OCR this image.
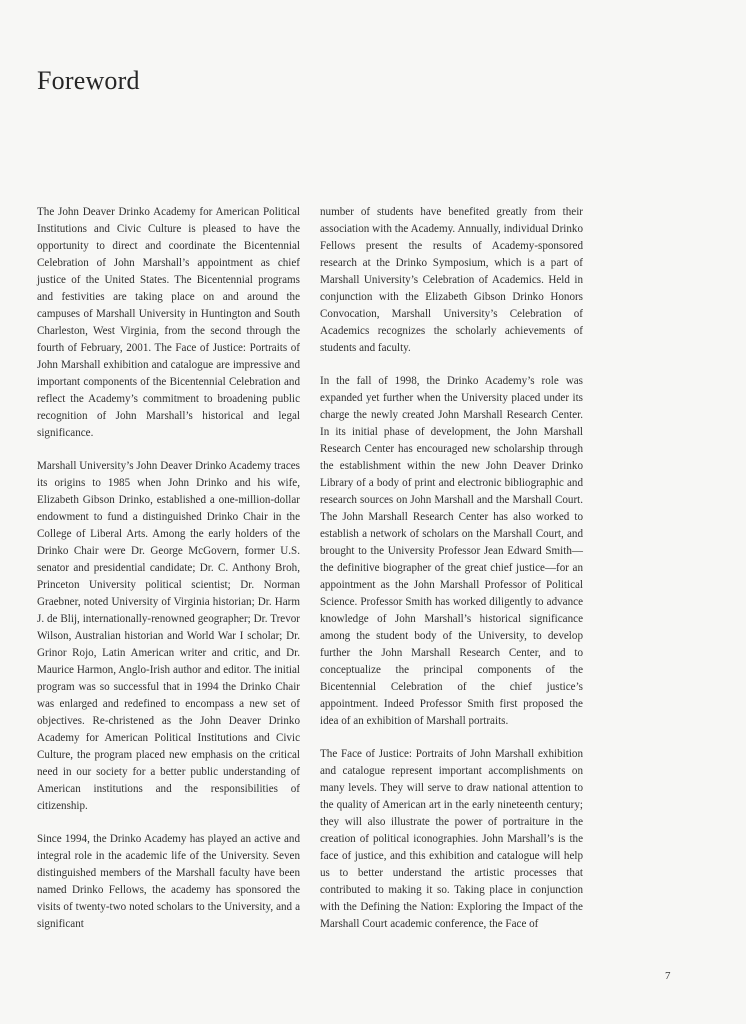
Foreword

The John Deaver Drinko Academy for American Political Institutions and Civic Culture is pleased to have the opportunity to direct and coordinate the Bicentennial Celebration of John Marshall’s appointment as chief justice of the United States. The Bicentennial programs and festivities are taking place on and around the campuses of Marshall University in Huntington and South Charleston, West Virginia, from the second through the fourth of February, 2001. The Face of Justice: Portraits of John Marshall exhibition and catalogue are impressive and important components of the Bicentennial Celebration and reflect the Academy’s commitment to broadening public recognition of John Marshall’s historical and legal significance.

Marshall University’s John Deaver Drinko Academy traces its origins to 1985 when John Drinko and his wife, Elizabeth Gibson Drinko, established a one-million-dollar endowment to fund a distinguished Drinko Chair in the College of Liberal Arts. Among the early holders of the Drinko Chair were Dr. George McGovern, former U.S. senator and presidential candidate; Dr. C. Anthony Broh, Princeton University political scientist; Dr. Norman Graebner, noted University of Virginia historian; Dr. Harm J. de Blij, internationally-renowned geographer; Dr. Trevor Wilson, Australian historian and World War I scholar; Dr. Grinor Rojo, Latin American writer and critic, and Dr. Maurice Harmon, Anglo-Irish author and editor. The initial program was so successful that in 1994 the Drinko Chair was enlarged and redefined to encompass a new set of objectives. Re-christened as the John Deaver Drinko Academy for American Political Institutions and Civic Culture, the program placed new emphasis on the critical need in our society for a better public understanding of American institutions and the responsibilities of citizenship.

Since 1994, the Drinko Academy has played an active and integral role in the academic life of the University. Seven distinguished members of the Marshall faculty have been named Drinko Fellows, the academy has sponsored the visits of twenty-two noted scholars to the University, and a significant

number of students have benefited greatly from their association with the Academy. Annually, individual Drinko Fellows present the results of Academy-sponsored research at the Drinko Symposium, which is a part of Marshall University’s Celebration of Academics. Held in conjunction with the Elizabeth Gibson Drinko Honors Convocation, Marshall University’s Celebration of Academics recognizes the scholarly achievements of students and faculty.

In the fall of 1998, the Drinko Academy’s role was expanded yet further when the University placed under its charge the newly created John Marshall Research Center. In its initial phase of development, the John Marshall Research Center has encouraged new scholarship through the establishment within the new John Deaver Drinko Library of a body of print and electronic bibliographic and research sources on John Marshall and the Marshall Court. The John Marshall Research Center has also worked to establish a network of scholars on the Marshall Court, and brought to the University Professor Jean Edward Smith—the definitive biographer of the great chief justice—for an appointment as the John Marshall Professor of Political Science. Professor Smith has worked diligently to advance knowledge of John Marshall’s historical significance among the student body of the University, to develop further the John Marshall Research Center, and to conceptualize the principal components of the Bicentennial Celebration of the chief justice’s appointment. Indeed Professor Smith first proposed the idea of an exhibition of Marshall portraits.

The Face of Justice: Portraits of John Marshall exhibition and catalogue represent important accomplishments on many levels. They will serve to draw national attention to the quality of American art in the early nineteenth century; they will also illustrate the power of portraiture in the creation of political iconographies. John Marshall’s is the face of justice, and this exhibition and catalogue will help us to better understand the artistic processes that contributed to making it so. Taking place in conjunction with the Defining the Nation: Exploring the Impact of the Marshall Court academic conference, the Face of

7
